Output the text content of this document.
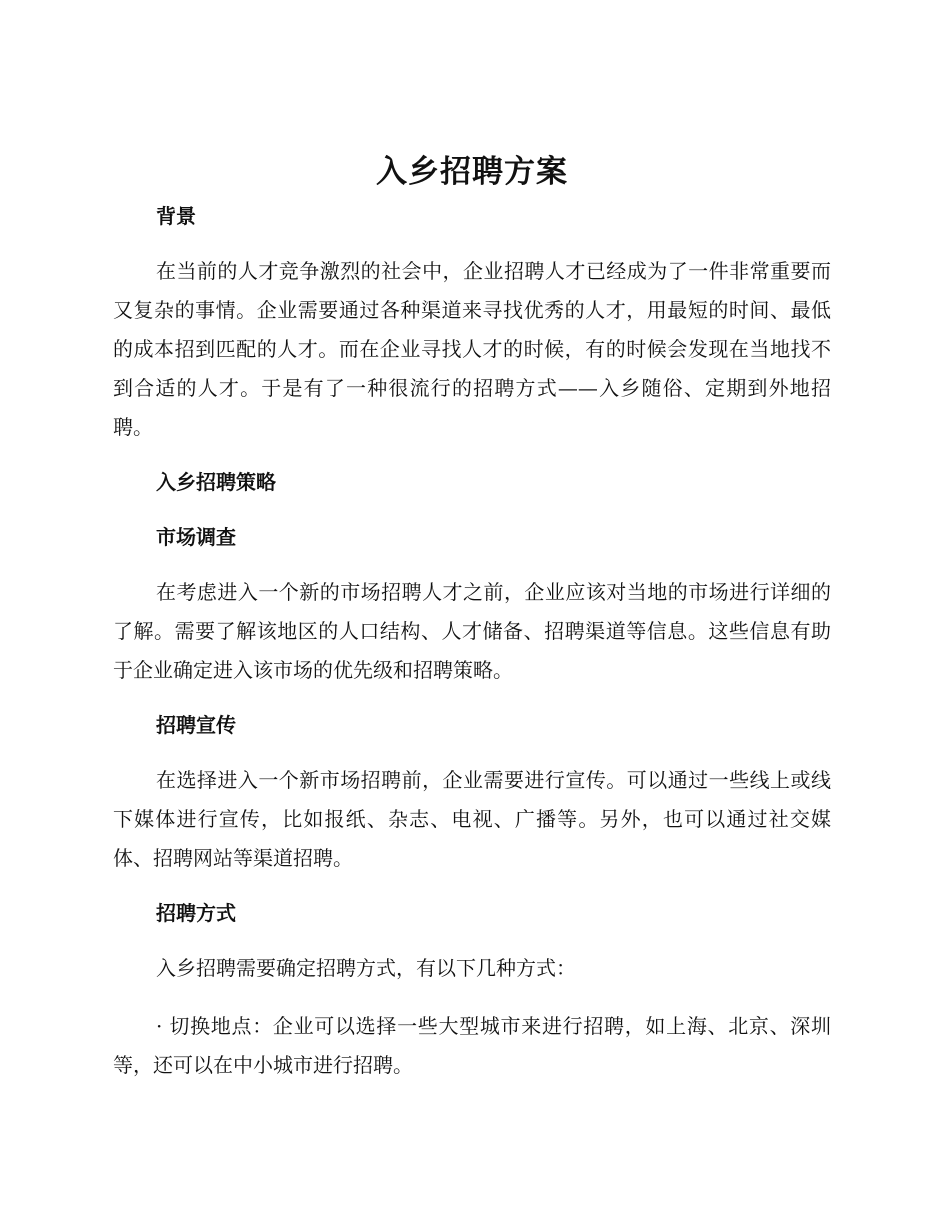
入乡招聘方案
背景

在当前的人才竞争激烈的社会中，企业招聘人才已经成为了一件非常重要而又复杂的事情。企业需要通过各种渠道来寻找优秀的人才，用最短的时间、最低的成本招到匹配的人才。而在企业寻找人才的时候，有的时候会发现在当地找不到合适的人才。于是有了一种很流行的招聘方式——入乡随俗、定期到外地招聘。

入乡招聘策略
市场调查

在考虑进入一个新的市场招聘人才之前，企业应该对当地的市场进行详细的了解。需要了解该地区的人口结构、人才储备、招聘渠道等信息。这些信息有助于企业确定进入该市场的优先级和招聘策略。

招聘宣传

在选择进入一个新市场招聘前，企业需要进行宣传。可以通过一些线上或线下媒体进行宣传，比如报纸、杂志、电视、广播等。另外，也可以通过社交媒体、招聘网站等渠道招聘。

招聘方式

入乡招聘需要确定招聘方式，有以下几种方式：

· 切换地点：企业可以选择一些大型城市来进行招聘，如上海、北京、深圳等，还可以在中小城市进行招聘。
